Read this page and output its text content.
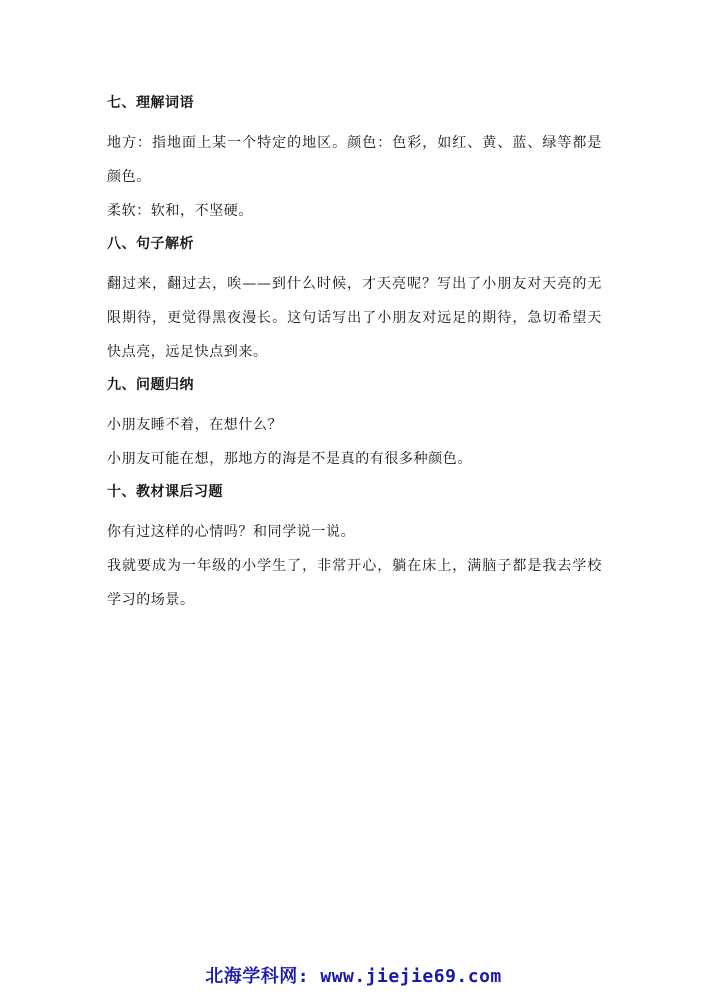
七、理解词语

地方：指地面上某一个特定的地区。颜色：色彩，如红、黄、蓝、绿等都是颜色。

柔软：软和，不坚硬。

八、句子解析

翻过来，翻过去，唉——到什么时候，才天亮呢？写出了小朋友对天亮的无限期待，更觉得黑夜漫长。这句话写出了小朋友对远足的期待，急切希望天快点亮，远足快点到来。

九、问题归纳

小朋友睡不着，在想什么？

小朋友可能在想，那地方的海是不是真的有很多种颜色。

十、教材课后习题

你有过这样的心情吗？和同学说一说。

我就要成为一年级的小学生了，非常开心，躺在床上，满脑子都是我去学校学习的场景。

北海学科网: www.jiejie69.com
